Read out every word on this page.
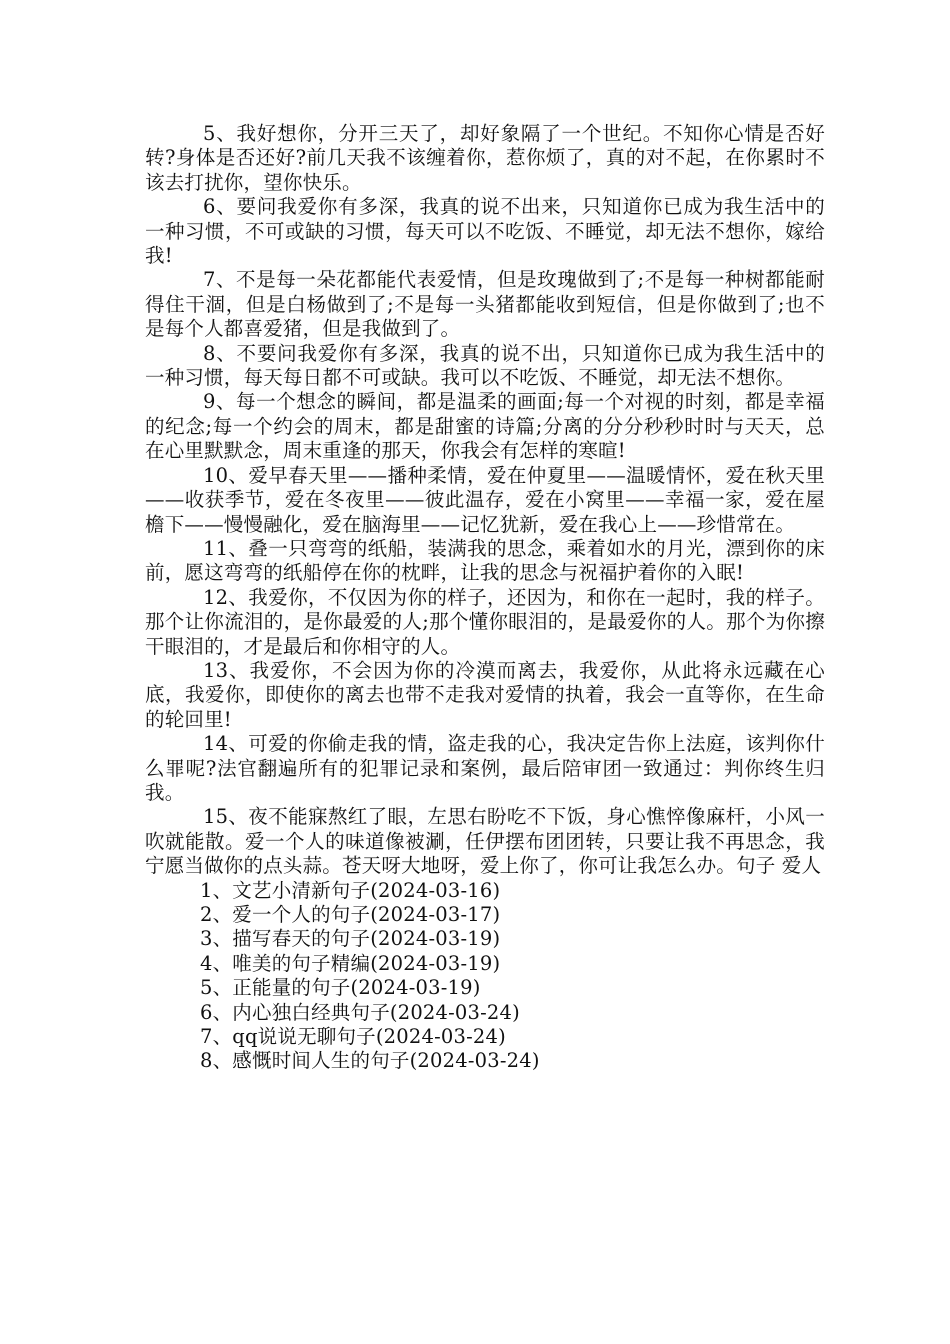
5、我好想你，分开三天了，却好象隔了一个世纪。不知你心情是否好转?身体是否还好?前几天我不该缠着你，惹你烦了，真的对不起，在你累时不该去打扰你，望你快乐。

6、要问我爱你有多深，我真的说不出来，只知道你已成为我生活中的一种习惯，不可或缺的习惯，每天可以不吃饭、不睡觉，却无法不想你，嫁给我!

7、不是每一朵花都能代表爱情，但是玫瑰做到了;不是每一种树都能耐得住干涸，但是白杨做到了;不是每一头猪都能收到短信，但是你做到了;也不是每个人都喜爱猪，但是我做到了。

8、不要问我爱你有多深，我真的说不出，只知道你已成为我生活中的一种习惯，每天每日都不可或缺。我可以不吃饭、不睡觉，却无法不想你。

9、每一个想念的瞬间，都是温柔的画面;每一个对视的时刻，都是幸福的纪念;每一个约会的周末，都是甜蜜的诗篇;分离的分分秒秒时时与天天，总在心里默默念，周末重逢的那天，你我会有怎样的寒暄!

10、爱早春天里——播种柔情，爱在仲夏里——温暖情怀，爱在秋天里——收获季节，爱在冬夜里——彼此温存，爱在小窝里——幸福一家，爱在屋檐下——慢慢融化，爱在脑海里——记忆犹新，爱在我心上——珍惜常在。

11、叠一只弯弯的纸船，装满我的思念，乘着如水的月光，漂到你的床前，愿这弯弯的纸船停在你的枕畔，让我的思念与祝福护着你的入眠!

12、我爱你，不仅因为你的样子，还因为，和你在一起时，我的样子。那个让你流泪的，是你最爱的人;那个懂你眼泪的，是最爱你的人。那个为你擦干眼泪的，才是最后和你相守的人。

13、我爱你，不会因为你的冷漠而离去，我爱你，从此将永远藏在心底，我爱你，即使你的离去也带不走我对爱情的执着，我会一直等你，在生命的轮回里!

14、可爱的你偷走我的情，盗走我的心，我决定告你上法庭，该判你什么罪呢?法官翻遍所有的犯罪记录和案例，最后陪审团一致通过：判你终生归我。

15、夜不能寐熬红了眼，左思右盼吃不下饭，身心憔悴像麻杆，小风一吹就能散。爱一个人的味道像被涮，任伊摆布团团转，只要让我不再思念，我宁愿当做你的点头蒜。苍天呀大地呀，爱上你了，你可让我怎么办。句子 爱人

1、文艺小清新句子(2024-03-16)
2、爱一个人的句子(2024-03-17)
3、描写春天的句子(2024-03-19)
4、唯美的句子精编(2024-03-19)
5、正能量的句子(2024-03-19)
6、内心独白经典句子(2024-03-24)
7、qq说说无聊句子(2024-03-24)
8、感慨时间人生的句子(2024-03-24)
